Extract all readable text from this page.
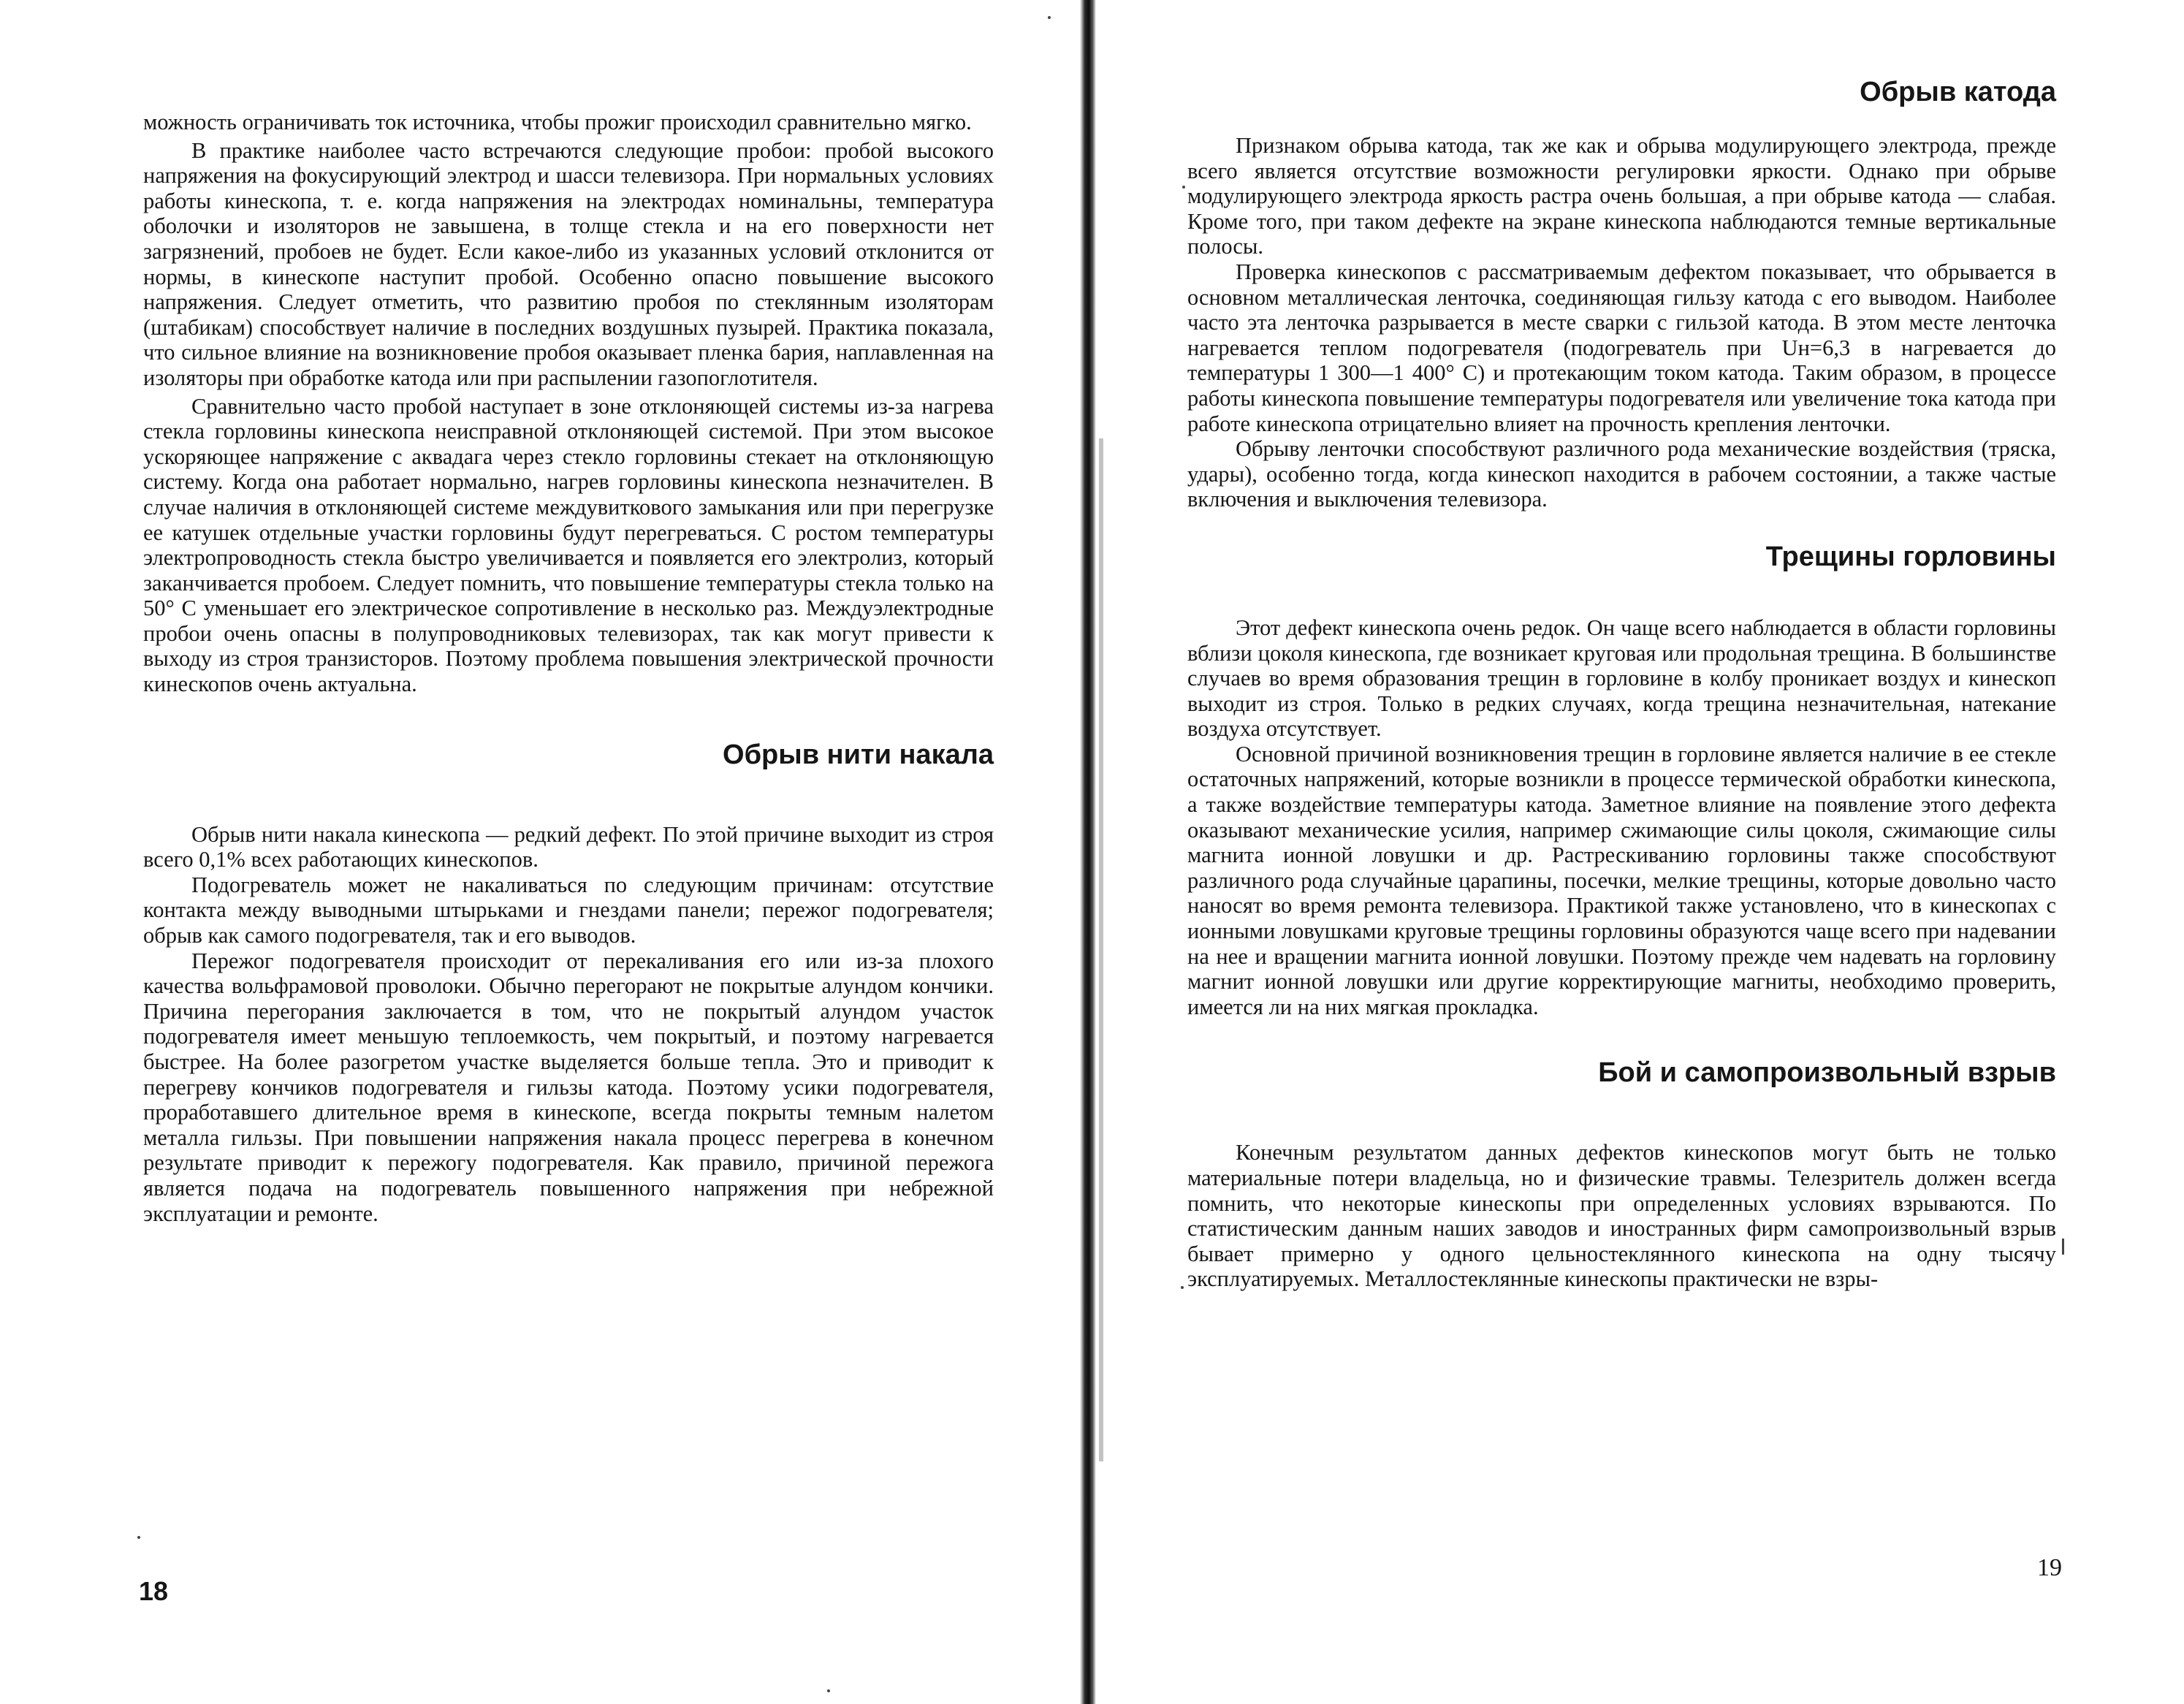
можность ограничивать ток источника, чтобы прожиг происходил сравнительно мягко.

В практике наиболее часто встречаются следующие пробои: пробой высокого напряжения на фокусирующий электрод и шасси телевизора. При нормальных условиях работы кинескопа, т. е. когда напряжения на электродах номинальны, температура оболочки и изоляторов не завышена, в толще стекла и на его поверхности нет загрязнений, пробоев не будет. Если какое-либо из указанных условий отклонится от нормы, в кинескопе наступит пробой. Особенно опасно повышение высокого напряжения. Следует отметить, что развитию пробоя по стеклянным изоляторам (штабикам) способствует наличие в последних воздушных пузырей. Практика показала, что сильное влияние на возникновение пробоя оказывает пленка бария, наплавленная на изоляторы при обработке катода или при распылении газопоглотителя.

Сравнительно часто пробой наступает в зоне отклоняющей системы из-за нагрева стекла горловины кинескопа неисправной отклоняющей системой. При этом высокое ускоряющее напряжение с аквадага через стекло горловины стекает на отклоняющую систему. Когда она работает нормально, нагрев горловины кинескопа незначителен. В случае наличия в отклоняющей системе междувиткового замыкания или при перегрузке ее катушек отдельные участки горловины будут перегреваться. С ростом температуры электропроводность стекла быстро увеличивается и появляется его электролиз, который заканчивается пробоем. Следует помнить, что повышение температуры стекла только на 50° С уменьшает его электрическое сопротивление в несколько раз. Междуэлектродные пробои очень опасны в полупроводниковых телевизорах, так как могут привести к выходу из строя транзисторов. Поэтому проблема повышения электрической прочности кинескопов очень актуальна.

Обрыв нити накала

Обрыв нити накала кинескопа — редкий дефект. По этой причине выходит из строя всего 0,1% всех работающих кинескопов.

Подогреватель может не накаливаться по следующим причинам: отсутствие контакта между выводными штырьками и гнездами панели; пережог подогревателя; обрыв как самого подогревателя, так и его выводов.

Пережог подогревателя происходит от перекаливания его или из-за плохого качества вольфрамовой проволоки. Обычно перегорают не покрытые алундом кончики. Причина перегорания заключается в том, что не покрытый алундом участок подогревателя имеет меньшую теплоемкость, чем покрытый, и поэтому нагревается быстрее. На более разогретом участке выделяется больше тепла. Это и приводит к перегреву кончиков подогревателя и гильзы катода. Поэтому усики подогревателя, проработавшего длительное время в кинескопе, всегда покрыты темным налетом металла гильзы. При повышении напряжения накала процесс перегрева в конечном результате приводит к пережогу подогревателя. Как правило, причиной пережога является подача на подогреватель повышенного напряжения при небрежной эксплуатации и ремонте.

18
Обрыв катода

Признаком обрыва катода, так же как и обрыва модулирующего электрода, прежде всего является отсутствие возможности регулировки яркости. Однако при обрыве модулирующего электрода яркость растра очень большая, а при обрыве катода — слабая. Кроме того, при таком дефекте на экране кинескопа наблюдаются темные вертикальные полосы.

Проверка кинескопов с рассматриваемым дефектом показывает, что обрывается в основном металлическая ленточка, соединяющая гильзу катода с его выводом. Наиболее часто эта ленточка разрывается в месте сварки с гильзой катода. В этом месте ленточка нагревается теплом подогревателя (подогреватель при Uн=6,3 в нагревается до температуры 1 300—1 400° С) и протекающим током катода. Таким образом, в процессе работы кинескопа повышение температуры подогревателя или увеличение тока катода при работе кинескопа отрицательно влияет на прочность крепления ленточки.

Обрыву ленточки способствуют различного рода механические воздействия (тряска, удары), особенно тогда, когда кинескоп находится в рабочем состоянии, а также частые включения и выключения телевизора.

Трещины горловины

Этот дефект кинескопа очень редок. Он чаще всего наблюдается в области горловины вблизи цоколя кинескопа, где возникает круговая или продольная трещина. В большинстве случаев во время образования трещин в горловине в колбу проникает воздух и кинескоп выходит из строя. Только в редких случаях, когда трещина незначительная, натекание воздуха отсутствует.

Основной причиной возникновения трещин в горловине является наличие в ее стекле остаточных напряжений, которые возникли в процессе термической обработки кинескопа, а также воздействие температуры катода. Заметное влияние на появление этого дефекта оказывают механические усилия, например сжимающие силы цоколя, сжимающие силы магнита ионной ловушки и др. Растрескиванию горловины также способствуют различного рода случайные царапины, посечки, мелкие трещины, которые довольно часто наносят во время ремонта телевизора. Практикой также установлено, что в кинескопах с ионными ловушками круговые трещины горловины образуются чаще всего при надевании на нее и вращении магнита ионной ловушки. Поэтому прежде чем надевать на горловину магнит ионной ловушки или другие корректирующие магниты, необходимо проверить, имеется ли на них мягкая прокладка.

Бой и самопроизвольный взрыв

Конечным результатом данных дефектов кинескопов могут быть не только материальные потери владельца, но и физические травмы. Телезритель должен всегда помнить, что некоторые кинескопы при определенных условиях взрываются. По статистическим данным наших заводов и иностранных фирм самопроизвольный взрыв бывает примерно у одного цельностеклянного кинескопа на одну тысячу эксплуатируемых. Металлостеклянные кинескопы практически не взры-

19
